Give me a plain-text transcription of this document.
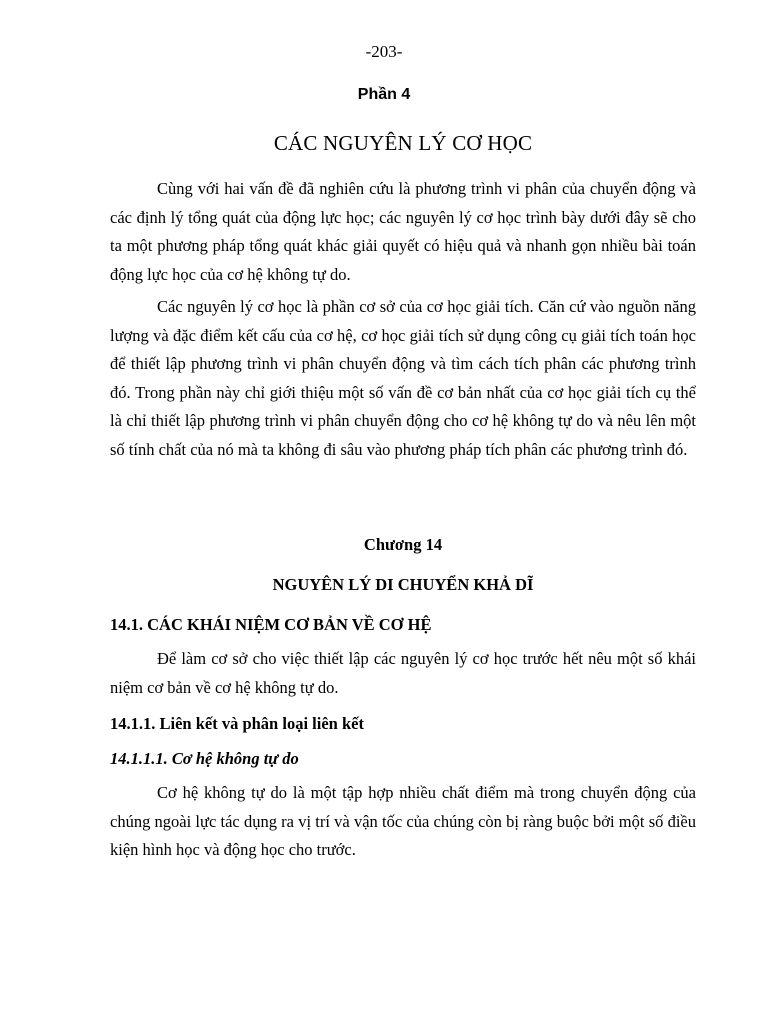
-203-
Phần 4
CÁC NGUYÊN LÝ CƠ HỌC

Cùng với hai vấn đề đã nghiên cứu là phương trình vi phân của chuyển động và các định lý tổng quát của động lực học; các nguyên lý cơ học trình bày dưới đây sẽ cho ta một phương pháp tổng quát khác giải quyết có hiệu quả và nhanh gọn nhiều bài toán động lực học của cơ hệ không tự do.

Các nguyên lý cơ học là phần cơ sở của cơ học giải tích. Căn cứ vào nguồn năng lượng và đặc điểm kết cấu của cơ hệ, cơ học giải tích sử dụng công cụ giải tích toán học để thiết lập phương trình vi phân chuyển động và tìm cách tích phân các phương trình đó. Trong phần này chỉ giới thiệu một số vấn đề cơ bản nhất của cơ học giải tích cụ thể là chỉ thiết lập phương trình vi phân chuyển động cho cơ hệ không tự do và nêu lên một số tính chất của nó mà ta không đi sâu vào phương pháp tích phân các phương trình đó.

Chương 14
NGUYÊN LÝ DI CHUYỂN KHẢ DĨ
14.1. CÁC KHÁI NIỆM CƠ BẢN VỀ CƠ HỆ

Để làm cơ sở cho việc thiết lập các nguyên lý cơ học trước hết nêu một số khái niệm cơ bản về cơ hệ không tự do.

14.1.1. Liên kết và phân loại liên kết
14.1.1.1. Cơ hệ không tự do

Cơ hệ không tự do là một tập hợp nhiều chất điểm mà trong chuyển động của chúng ngoài lực tác dụng ra vị trí và vận tốc của chúng còn bị ràng buộc bởi một số điều kiện hình học và động học cho trước.
